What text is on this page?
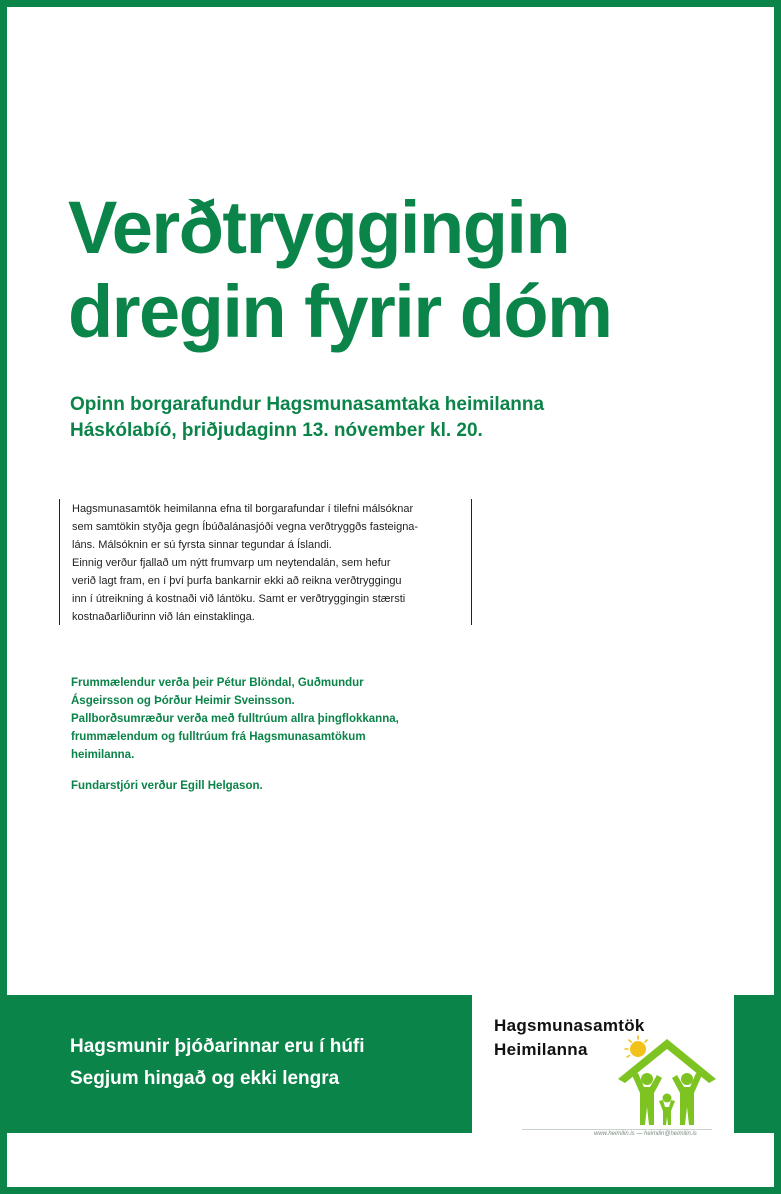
Verðtryggingin
dregin fyrir dóm
Opinn borgarafundur Hagsmunasamtaka heimilanna
Háskólabíó, þriðjudaginn 13. nóvember kl. 20.

Hagsmunasamtök heimilanna efna til borgarafundar í tilefni málsóknar
sem samtökin styðja gegn Íbúðalánasjóði vegna verðtryggðs fasteigna-
láns. Málsóknin er sú fyrsta sinnar tegundar á Íslandi.
Einnig verður fjallað um nýtt frumvarp um neytendalán, sem hefur
verið lagt fram, en í því þurfa bankarnir ekki að reikna verðtryggingu
inn í útreikning á kostnaði við lántöku. Samt er verðtryggingin stærsti
kostnaðarliðurinn við lán einstaklinga.

Frummælendur verða þeir Pétur Blöndal, Guðmundur
Ásgeirsson og Þórður Heimir Sveinsson.
Pallborðsumræður verða með fulltrúum allra þingflokkanna,
frummælendum og fulltrúum frá Hagsmunasamtökum
heimilanna.

Fundarstjóri verður Egill Helgason.

Hagsmunir þjóðarinnar eru í húfi
Segjum hingað og ekki lengra

Hagsmunasamtök
Heimilanna

www.heimilin.is — heimilin@heimilin.is
